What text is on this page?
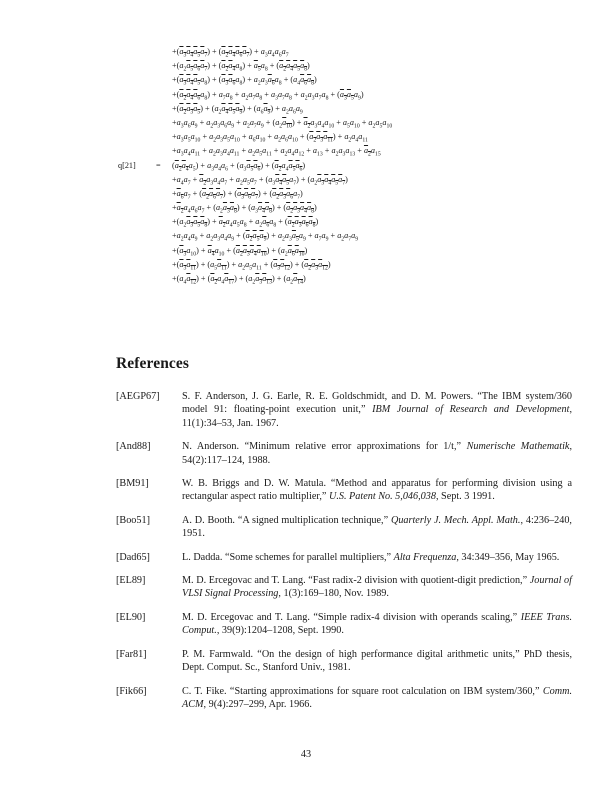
$+(a_3a_4a_5a_7) + (a_2a_4a_6a_7) + a_3a_4a_6a_7$
$+(a_2a_5a_6a_7) + (a_2a_4a_8) + a_5a_8 + (a_2a_4a_5a_8)$
$+(a_3a_4a_5a_8) + (a_3a_6a_8) + a_2a_3a_6a_8 + (a_4a_6a_8)$
$+(a_2a_4a_6a_8) + a_7a_8 + a_2a_7a_8 + a_3a_7a_8 + a_2a_3a_7a_8 + (a_3a_5a_9)$
$+(a_2a_3a_5) + (a_2a_4a_5a_9) + (a_6a_9) + a_2a_6a_9$
$+a_3a_6a_9 + a_2a_3a_6a_9 + a_2a_7a_9 + (a_2a_{10}) + a_2a_3a_4a_{10} + a_5a_{10} + a_2a_5a_{10}$
$+a_3a_5a_{10} + a_2a_3a_5a_{10} + a_6a_{10} + a_2a_6a_{10} + (a_2a_3a_{11}) + a_2a_4a_{11}$
$+a_3a_4a_{11} + a_2a_3a_4a_{11} + a_2a_5a_{11} + a_2a_4a_{12} + a_{13} + a_2a_3a_{13} + a_2a_{15}$
$q[21] = (a_2a_4a_5) + a_3a_4a_6 + (a_3a_5a_6) + (a_2a_4a_5a_6)$
$+a_4a_7 + a_2a_3a_4a_7 + a_2a_5a_7 + (a_3a_4a_5a_7) + (a_2a_3a_4a_5a_7)$
$+a_6a_7 + (a_2a_6a_7) + (a_3a_6a_7) + (a_2a_3a_6a_7)$
$+a_2a_4a_6a_7 + (a_2a_3a_8) + (a_3a_4a_8) + (a_2a_3a_4a_8)$
$+(a_2a_3a_5a_8) + a_2a_4a_5a_8 + a_2a_6a_8 + (a_2a_3a_6a_8)$
$+a_2a_4a_9 + a_2a_3a_4a_9 + (a_2a_5a_9) + a_2a_3a_5a_9 + a_7a_9 + a_2a_7a_9$
$+(a_3a_{10}) + a_4a_{10} + (a_2a_3a_4a_{10}) + (a_2a_6a_{10})$
$+(a_3a_{11}) + (a_5a_{11}) + a_2a_5a_{11} + (a_3a_{12}) + (a_2a_3a_{12})$
$+(a_4a_{12}) + (a_2a_4a_{17}) + (a_2a_3a_{13}) + (a_2a_{14})$
References
[AEGP67] S. F. Anderson, J. G. Earle, R. E. Goldschmidt, and D. M. Powers. “The IBM system/360 model 91: floating-point execution unit,” IBM Journal of Research and Development, 11(1):34–53, Jan. 1967.
[And88]	N. Anderson. “Minimum relative error approximations for 1/t,” Numerische Mathematik, 54(2):117–124, 1988.
[BM91]	W. B. Briggs and D. W. Matula. “Method and apparatus for performing division using a rectangular aspect ratio multiplier,” U.S. Patent No. 5,046,038, Sept. 3 1991.
[Boo51]	A. D. Booth. “A signed multiplication technique,” Quarterly J. Mech. Appl. Math., 4:236–240, 1951.
[Dad65]	L. Dadda. “Some schemes for parallel multipliers,” Alta Frequenza, 34:349–356, May 1965.
[EL89]	M. D. Ercegovac and T. Lang. “Fast radix-2 division with quotient-digit prediction,” Journal of VLSI Signal Processing, 1(3):169–180, Nov. 1989.
[EL90]	M. D. Ercegovac and T. Lang. “Simple radix-4 division with operands scaling,” IEEE Trans. Comput., 39(9):1204–1208, Sept. 1990.
[Far81]	P. M. Farmwald. “On the design of high performance digital arithmetic units,” PhD thesis, Dept. Comput. Sc., Stanford Univ., 1981.
[Fik66]	C. T. Fike. “Starting approximations for square root calculation on IBM system/360,” Comm. ACM, 9(4):297–299, Apr. 1966.
43
